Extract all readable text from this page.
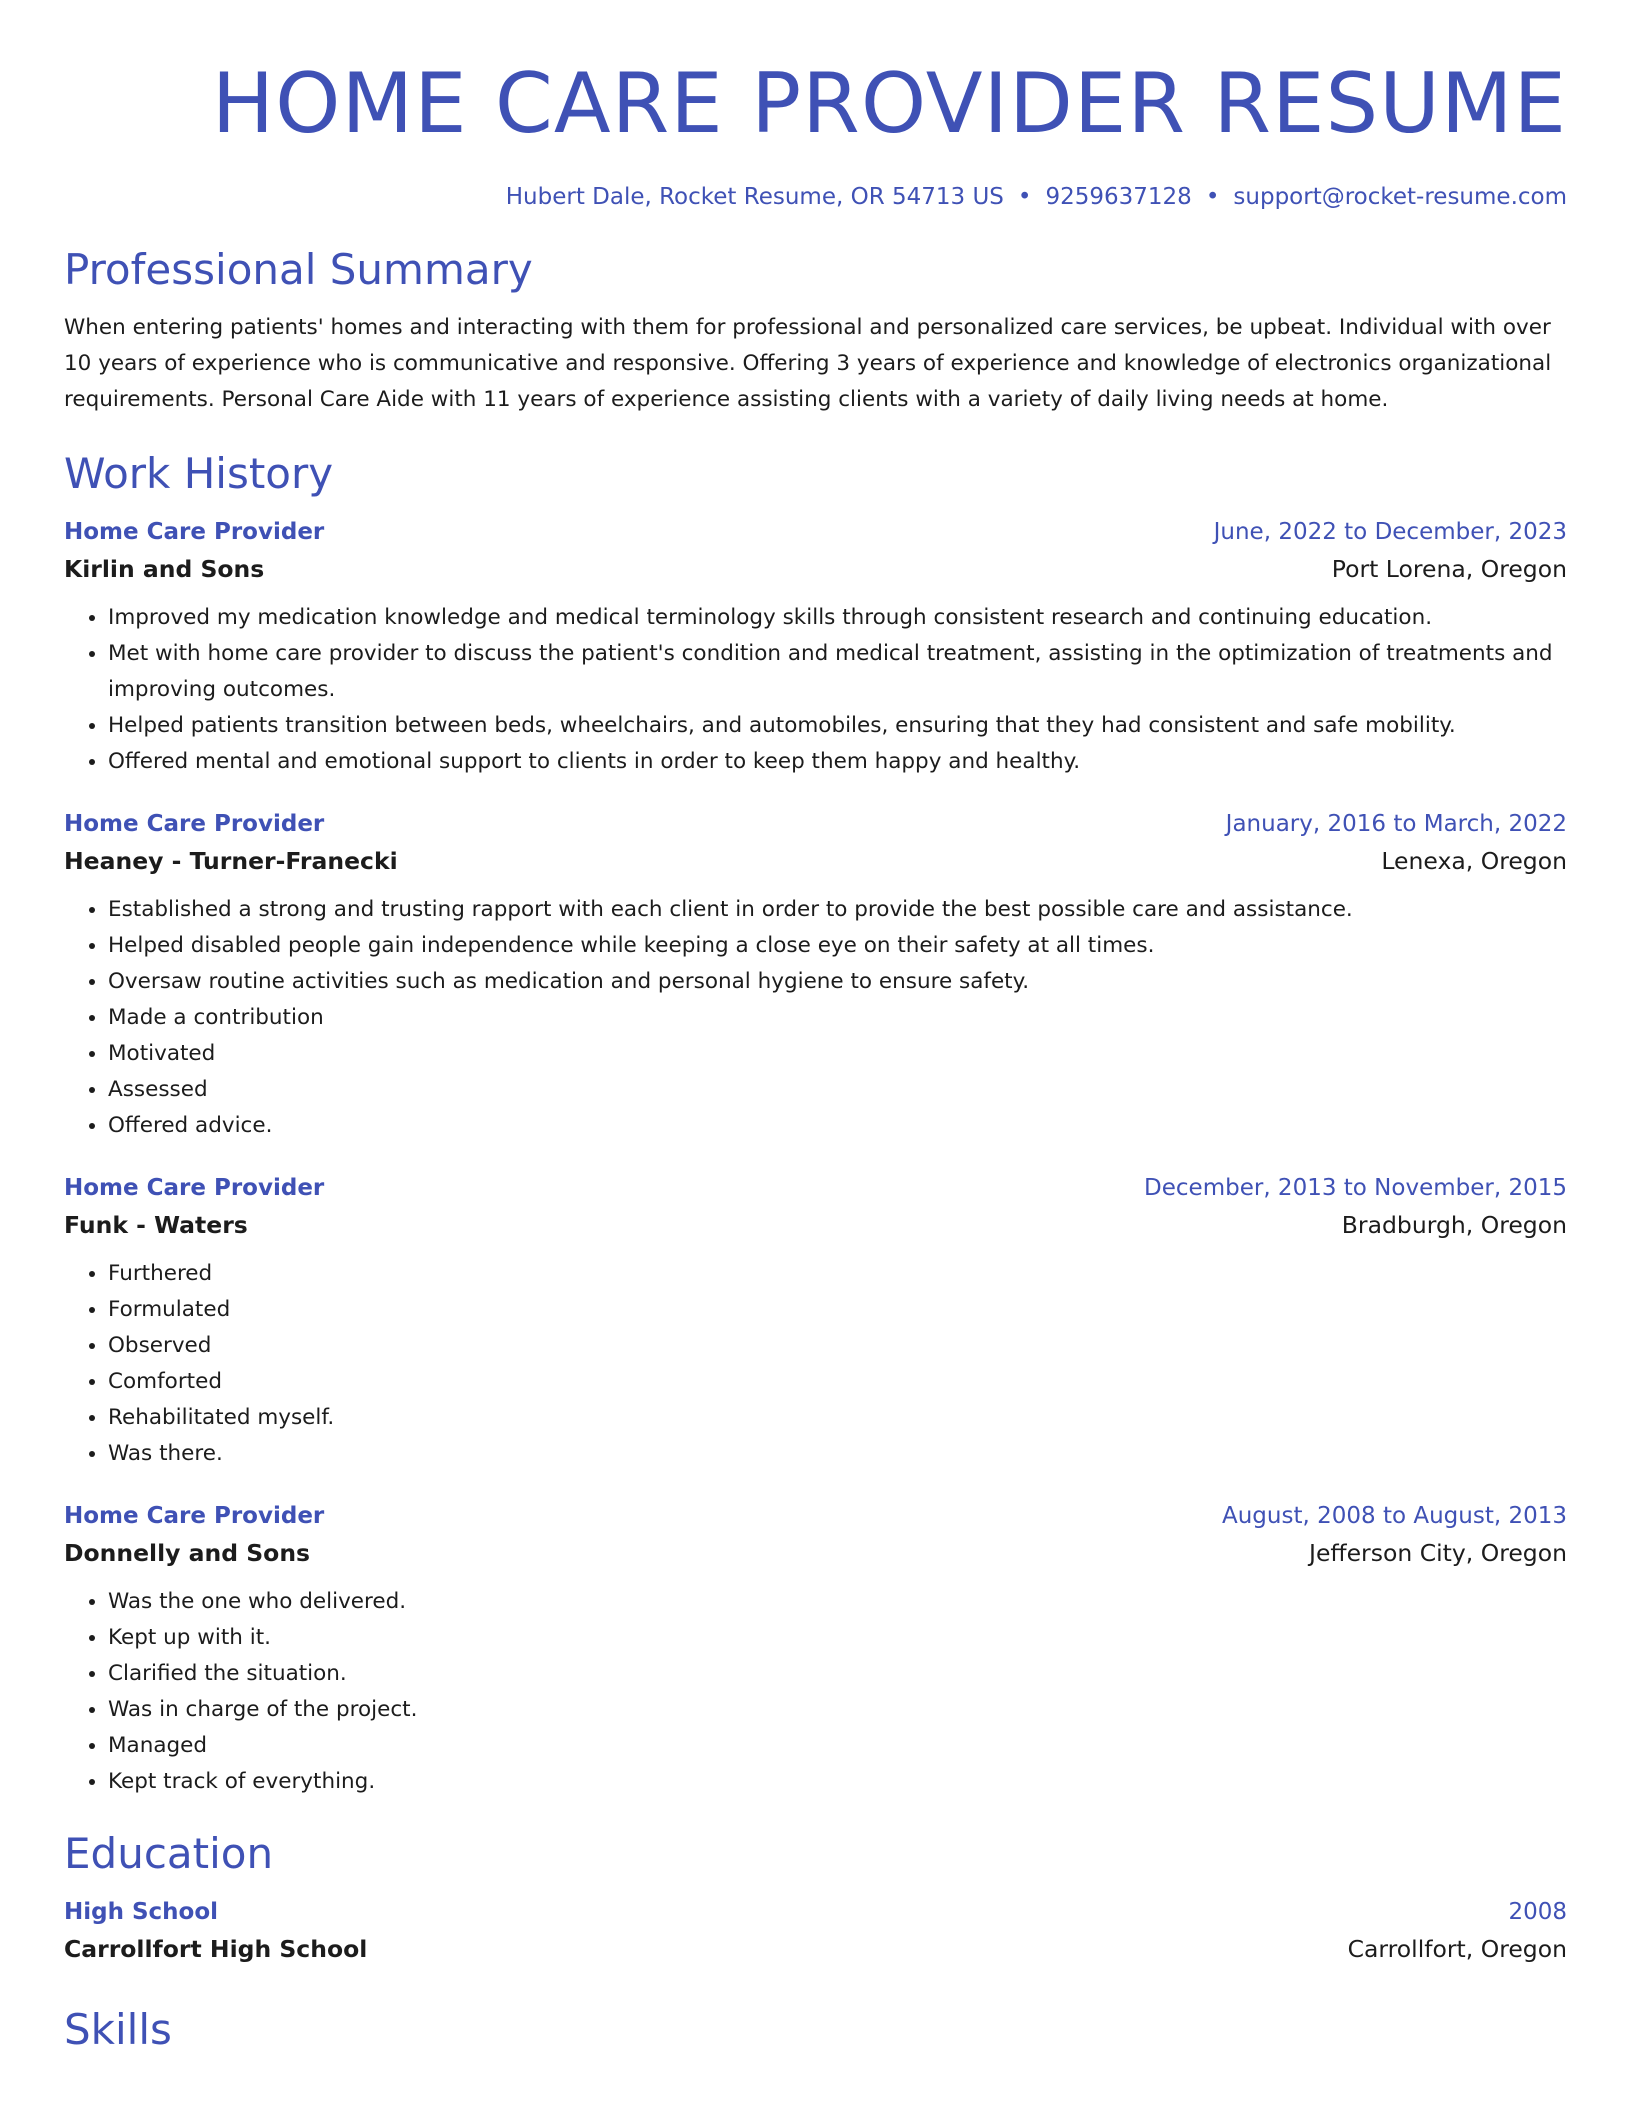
HOME CARE PROVIDER RESUME
Hubert Dale, Rocket Resume, OR 54713 US • 9259637128 • support@rocket-resume.com
Professional Summary

When entering patients' homes and interacting with them for professional and personalized care services, be upbeat. Individual with over 10 years of experience who is communicative and responsive. Offering 3 years of experience and knowledge of electronics organizational requirements. Personal Care Aide with 11 years of experience assisting clients with a variety of daily living needs at home.

Work History
Home Care Provider	June, 2022 to December, 2023
Kirlin and Sons	Port Lorena, Oregon
• Improved my medication knowledge and medical terminology skills through consistent research and continuing education.
• Met with home care provider to discuss the patient's condition and medical treatment, assisting in the optimization of treatments and improving outcomes.
• Helped patients transition between beds, wheelchairs, and automobiles, ensuring that they had consistent and safe mobility.
• Offered mental and emotional support to clients in order to keep them happy and healthy.
Home Care Provider	January, 2016 to March, 2022
Heaney - Turner-Franecki	Lenexa, Oregon
• Established a strong and trusting rapport with each client in order to provide the best possible care and assistance.
• Helped disabled people gain independence while keeping a close eye on their safety at all times.
• Oversaw routine activities such as medication and personal hygiene to ensure safety.
• Made a contribution
• Motivated
• Assessed
• Offered advice.
Home Care Provider	December, 2013 to November, 2015
Funk - Waters	Bradburgh, Oregon
• Furthered
• Formulated
• Observed
• Comforted
• Rehabilitated myself.
• Was there.
Home Care Provider	August, 2008 to August, 2013
Donnelly and Sons	Jefferson City, Oregon
• Was the one who delivered.
• Kept up with it.
• Clarified the situation.
• Was in charge of the project.
• Managed
• Kept track of everything.
Education
High School	2008
Carrollfort High School	Carrollfort, Oregon
Skills
